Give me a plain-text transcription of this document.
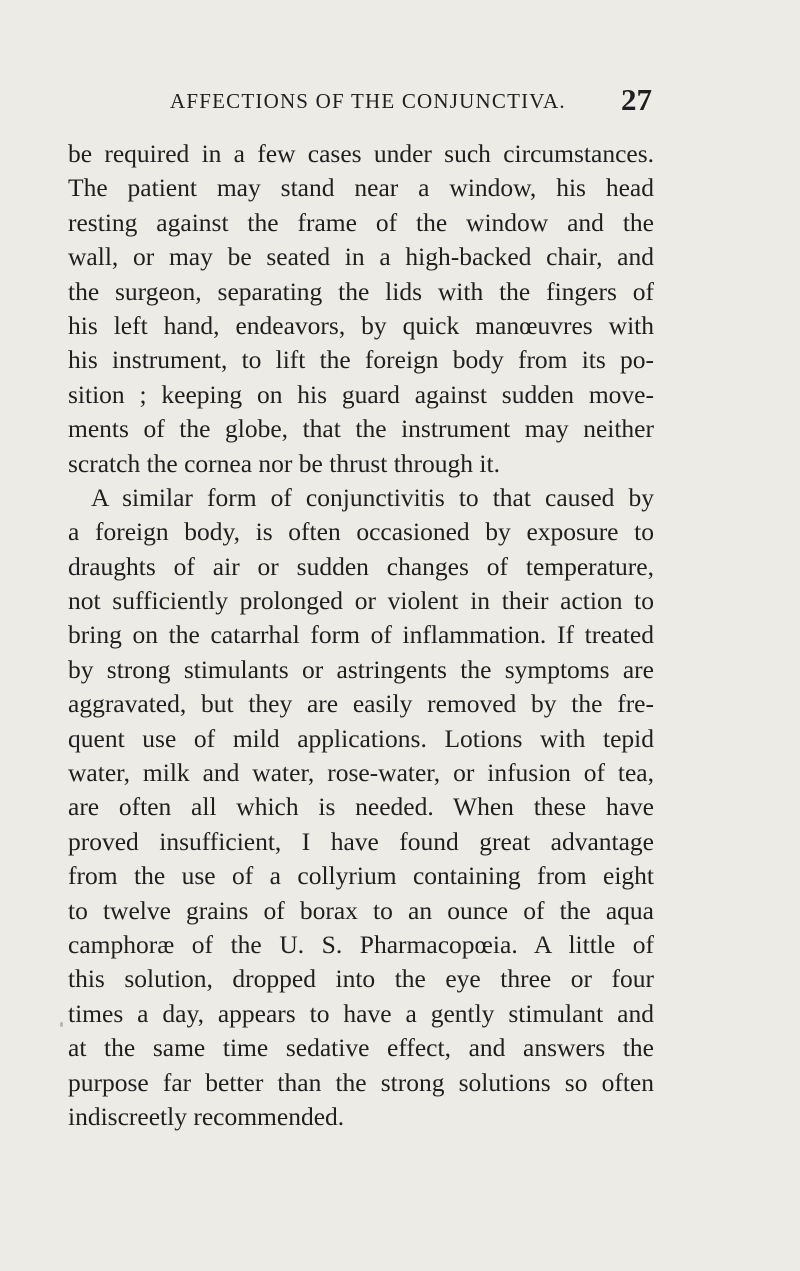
AFFECTIONS OF THE CONJUNCTIVA. 27
be required in a few cases under such circumstances.
The patient may stand near a window, his head
resting against the frame of the window and the
wall, or may be seated in a high-backed chair, and
the surgeon, separating the lids with the fingers of
his left hand, endeavors, by quick manœuvres with
his instrument, to lift the foreign body from its po-
sition ; keeping on his guard against sudden move-
ments of the globe, that the instrument may neither
scratch the cornea nor be thrust through it.
A similar form of conjunctivitis to that caused by
a foreign body, is often occasioned by exposure to
draughts of air or sudden changes of temperature,
not sufficiently prolonged or violent in their action to
bring on the catarrhal form of inflammation. If treated
by strong stimulants or astringents the symptoms are
aggravated, but they are easily removed by the fre-
quent use of mild applications. Lotions with tepid
water, milk and water, rose-water, or infusion of tea,
are often all which is needed. When these have
proved insufficient, I have found great advantage
from the use of a collyrium containing from eight
to twelve grains of borax to an ounce of the aqua
camphoræ of the U. S. Pharmacopœia. A little of
this solution, dropped into the eye three or four
times a day, appears to have a gently stimulant and
at the same time sedative effect, and answers the
purpose far better than the strong solutions so often
indiscreetly recommended.
